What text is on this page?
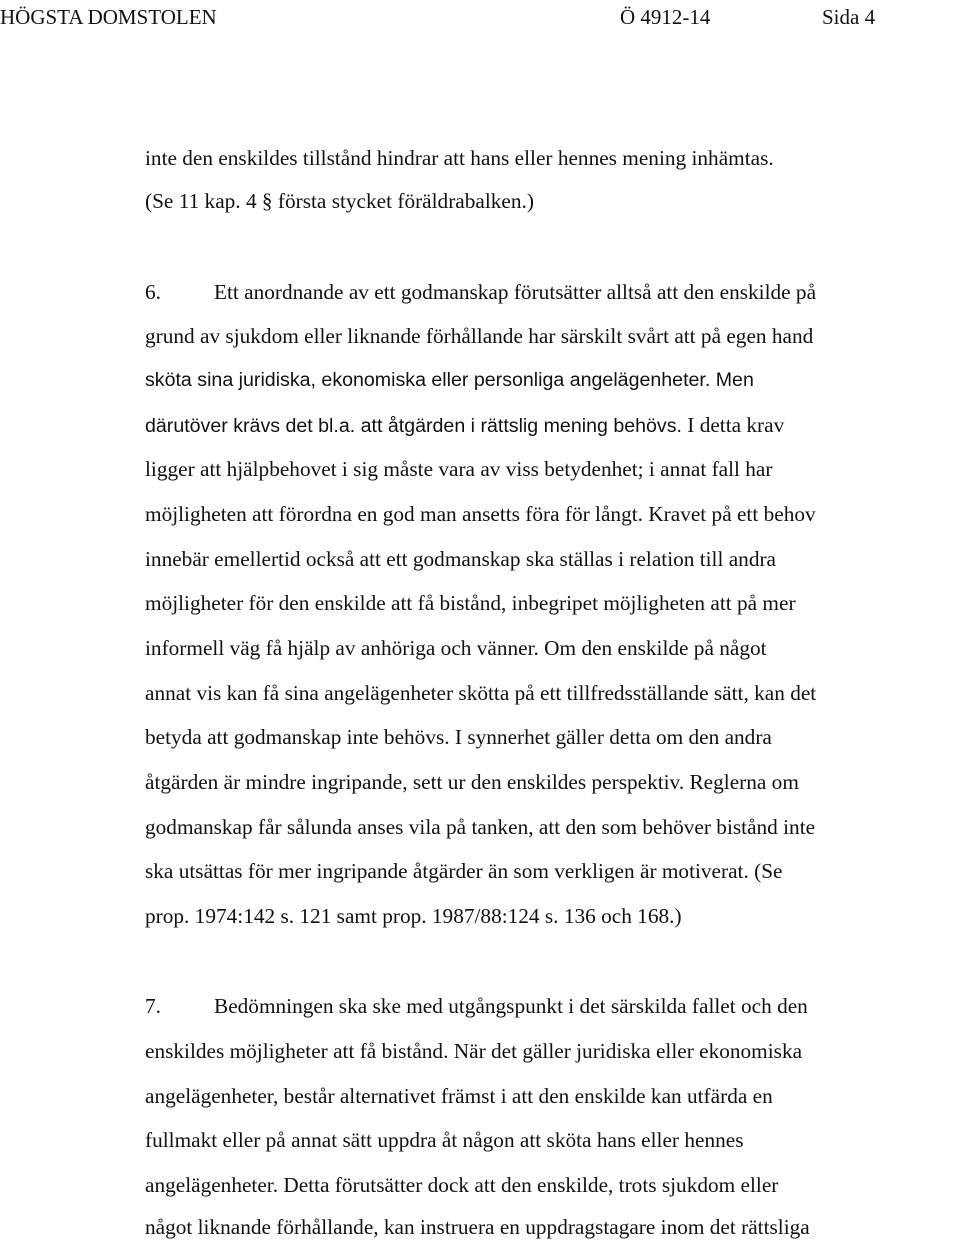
HÖGSTA DOMSTOLEN	Ö 4912-14	Sida 4
inte den enskildes tillstånd hindrar att hans eller hennes mening inhämtas.
(Se 11 kap. 4 § första stycket föräldrabalken.)
6. Ett anordnande av ett godmanskap förutsätter alltså att den enskilde på
grund av sjukdom eller liknande förhållande har särskilt svårt att på egen hand
sköta sina juridiska, ekonomiska eller personliga angelägenheter. Men
därutöver krävs det bl.a. att åtgärden i rättslig mening behövs. I detta krav
ligger att hjälpbehovet i sig måste vara av viss betydenhet; i annat fall har
möjligheten att förordna en god man ansetts föra för långt. Kravet på ett behov
innebär emellertid också att ett godmanskap ska ställas i relation till andra
möjligheter för den enskilde att få bistånd, inbegripet möjligheten att på mer
informell väg få hjälp av anhöriga och vänner. Om den enskilde på något
annat vis kan få sina angelägenheter skötta på ett tillfredsställande sätt, kan det
betyda att godmanskap inte behövs. I synnerhet gäller detta om den andra
åtgärden är mindre ingripande, sett ur den enskildes perspektiv. Reglerna om
godmanskap får sålunda anses vila på tanken, att den som behöver bistånd inte
ska utsättas för mer ingripande åtgärder än som verkligen är motiverat. (Se
prop. 1974:142 s. 121 samt prop. 1987/88:124 s. 136 och 168.)
7. Bedömningen ska ske med utgångspunkt i det särskilda fallet och den
enskildes möjligheter att få bistånd. När det gäller juridiska eller ekonomiska
angelägenheter, består alternativet främst i att den enskilde kan utfärda en
fullmakt eller på annat sätt uppdra åt någon att sköta hans eller hennes
angelägenheter. Detta förutsätter dock att den enskilde, trots sjukdom eller
något liknande förhållande, kan instruera en uppdragstagare inom det rättsliga
